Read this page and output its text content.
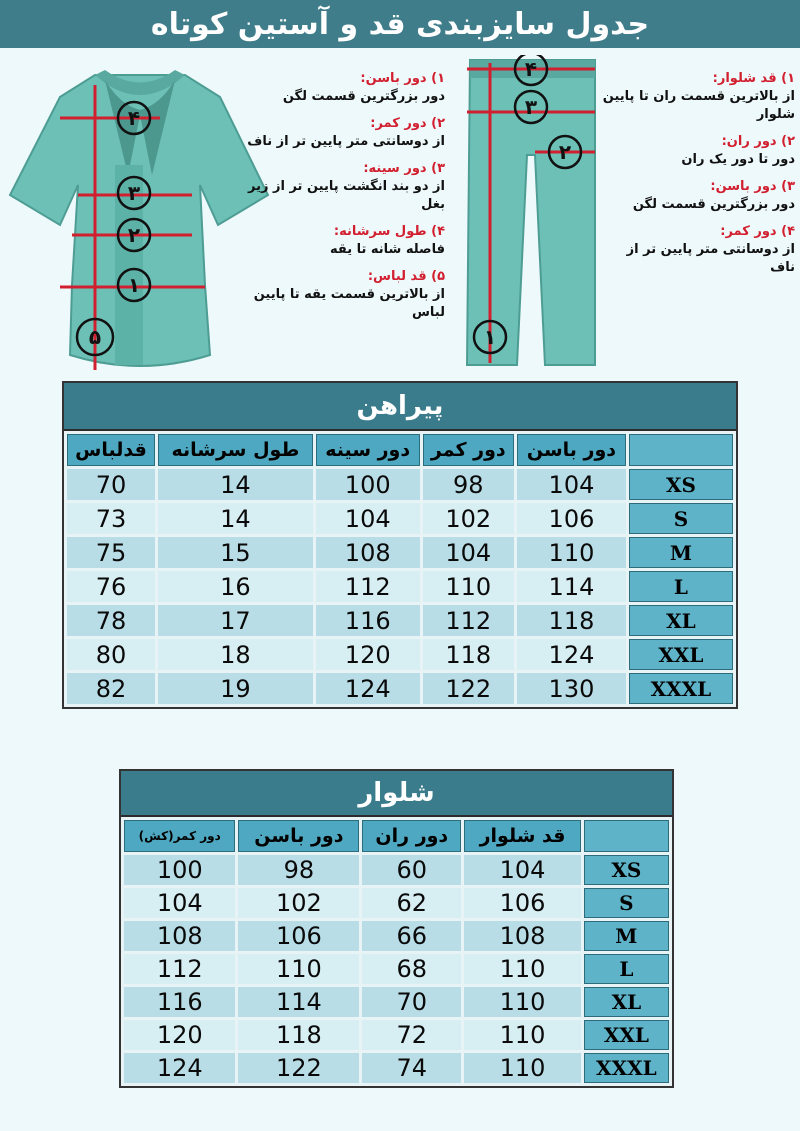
جدول سایزبندی قد و آستین کوتاه
۴
۳
۲
۱
۵
۱) دور باسن:
دور بزرگترین قسمت لگن
۲) دور کمر:
از دوسانتی متر پایین تر از ناف
۳) دور سینه:
از دو بند انگشت پایین تر از زیر بغل
۴) طول سرشانه:
فاصله شانه تا یقه
۵) قد لباس:
از بالاترین قسمت یقه تا پایین لباس
۴
۳
۲
۱
۱) قد شلوار:
از بالاترین قسمت ران تا پایین شلوار
۲) دور ران:
دور تا دور یک ران
۳) دور باسن:
دور بزرگترین قسمت لگن
۴) دور کمر:
از دوسانتی متر پایین تر از ناف
پیراهن
	دور باسن	دور کمر	دور سینه	طول سرشانه	قدلباس
XS	104	98	100	14	70
S	106	102	104	14	73
M	110	104	108	15	75
L	114	110	112	16	76
XL	118	112	116	17	78
XXL	124	118	120	18	80
XXXL	130	122	124	19	82
شلوار
	قد شلوار	دور ران	دور باسن	دور کمر(کش)
XS	104	60	98	100
S	106	62	102	104
M	108	66	106	108
L	110	68	110	112
XL	110	70	114	116
XXL	110	72	118	120
XXXL	110	74	122	124
